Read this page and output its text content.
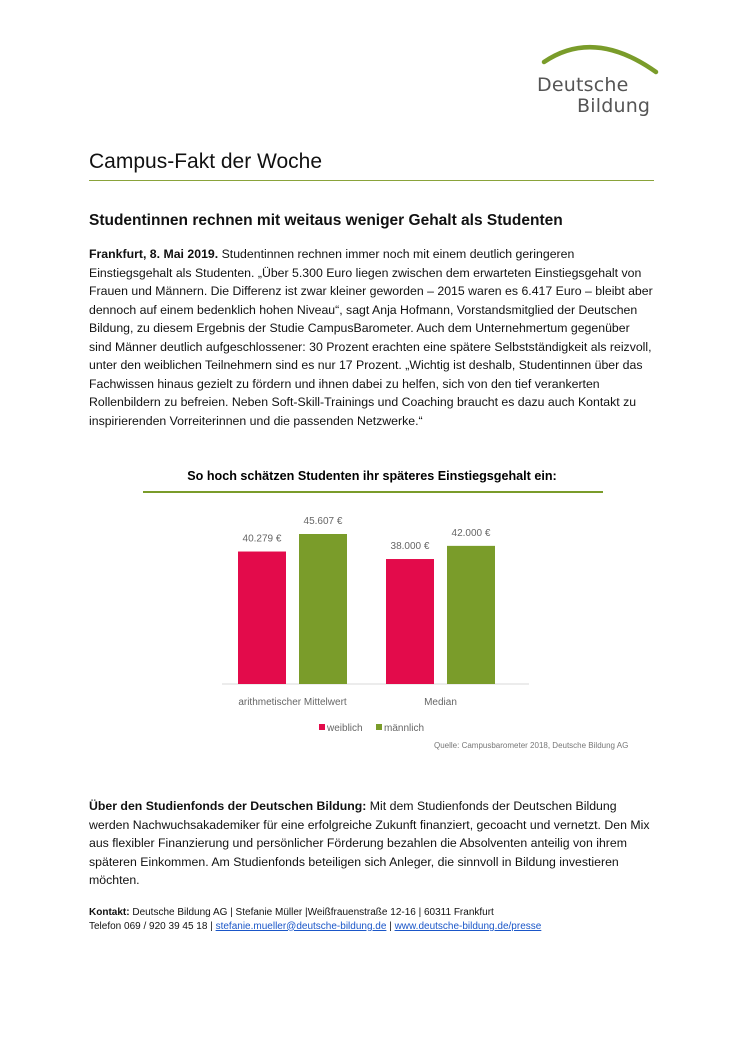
Deutsche
Bildung
Campus-Fakt der Woche
Studentinnen rechnen mit weitaus weniger Gehalt als Studenten

Frankfurt, 8. Mai 2019. Studentinnen rechnen immer noch mit einem deutlich geringeren Einstiegsgehalt als Studenten. „Über 5.300 Euro liegen zwischen dem erwarteten Einstiegsgehalt von Frauen und Männern. Die Differenz ist zwar kleiner geworden – 2015 waren es 6.417 Euro – bleibt aber dennoch auf einem bedenklich hohen Niveau“, sagt Anja Hofmann, Vorstandsmitglied der Deutschen Bildung, zu diesem Ergebnis der Studie CampusBarometer. Auch dem Unternehmertum gegenüber sind Männer deutlich aufgeschlossener: 30 Prozent erachten eine spätere Selbstständigkeit als reizvoll, unter den weiblichen Teilnehmern sind es nur 17 Prozent. „Wichtig ist deshalb, Studentinnen über das Fachwissen hinaus gezielt zu fördern und ihnen dabei zu helfen, sich von den tief verankerten Rollenbildern zu befreien. Neben Soft-Skill-Trainings und Coaching braucht es dazu auch Kontakt zu inspirierenden Vorreiterinnen und die passenden Netzwerke.“

So hoch schätzen Studenten ihr späteres Einstiegsgehalt ein:
40.279 €
45.607 €
38.000 €
42.000 €
arithmetischer Mittelwert	Median
weiblich männlich
Quelle: Campusbarometer 2018, Deutsche Bildung AG

Über den Studienfonds der Deutschen Bildung: Mit dem Studienfonds der Deutschen Bildung werden Nachwuchsakademiker für eine erfolgreiche Zukunft finanziert, gecoacht und vernetzt. Den Mix aus flexibler Finanzierung und persönlicher Förderung bezahlen die Absolventen anteilig von ihrem späteren Einkommen. Am Studienfonds beteiligen sich Anleger, die sinnvoll in Bildung investieren möchten.

Kontakt: Deutsche Bildung AG | Stefanie Müller |Weißfrauenstraße 12-16 | 60311 Frankfurt
Telefon 069 / 920 39 45 18 | stefanie.mueller@deutsche-bildung.de | www.deutsche-bildung.de/presse
